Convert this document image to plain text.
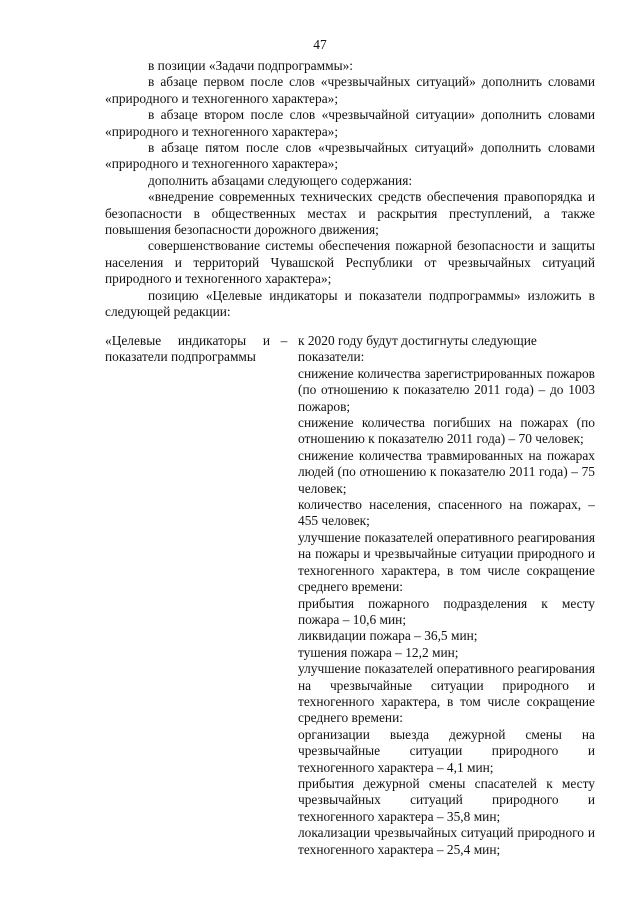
47

в позиции «Задачи подпрограммы»:

в абзаце первом после слов «чрезвычайных ситуаций» дополнить словами «природного и техногенного характера»;

в абзаце втором после слов «чрезвычайной ситуации» дополнить словами «природного и техногенного характера»;

в абзаце пятом после слов «чрезвычайных ситуаций» дополнить словами «природного и техногенного характера»;

дополнить абзацами следующего содержания:

«внедрение современных технических средств обеспечения правопорядка и безопасности в общественных местах и раскрытия преступлений, а также повышения безопасности дорожного движения;

совершенствование системы обеспечения пожарной безопасности и защиты населения и территорий Чувашской Республики от чрезвычайных ситуаций природного и техногенного характера»;

позицию «Целевые индикаторы и показатели подпрограммы» изложить в следующей редакции:

«Целевые индикаторы и показатели подпрограммы
– к 2020 году будут достигнуты следующие показатели:

снижение количества зарегистрированных пожаров (по отношению к показателю 2011 года) – до 1003 пожаров;

снижение количества погибших на пожарах (по отношению к показателю 2011 года) – 70 человек;

снижение количества травмированных на пожарах людей (по отношению к показателю 2011 года) – 75 человек;

количество населения, спасенного на пожарах, – 455 человек;

улучшение показателей оперативного реагирования на пожары и чрезвычайные ситуации природного и техногенного характера, в том числе сокращение среднего времени:

прибытия пожарного подразделения к месту пожара – 10,6 мин;

ликвидации пожара – 36,5 мин;

тушения пожара – 12,2 мин;

улучшение показателей оперативного реагирования на чрезвычайные ситуации природного и техногенного характера, в том числе сокращение среднего времени:

организации выезда дежурной смены на чрезвычайные ситуации природного и техногенного характера – 4,1 мин;

прибытия дежурной смены спасателей к месту чрезвычайных ситуаций природного и техногенного характера – 35,8 мин;

локализации чрезвычайных ситуаций природного и техногенного характера – 25,4 мин;
